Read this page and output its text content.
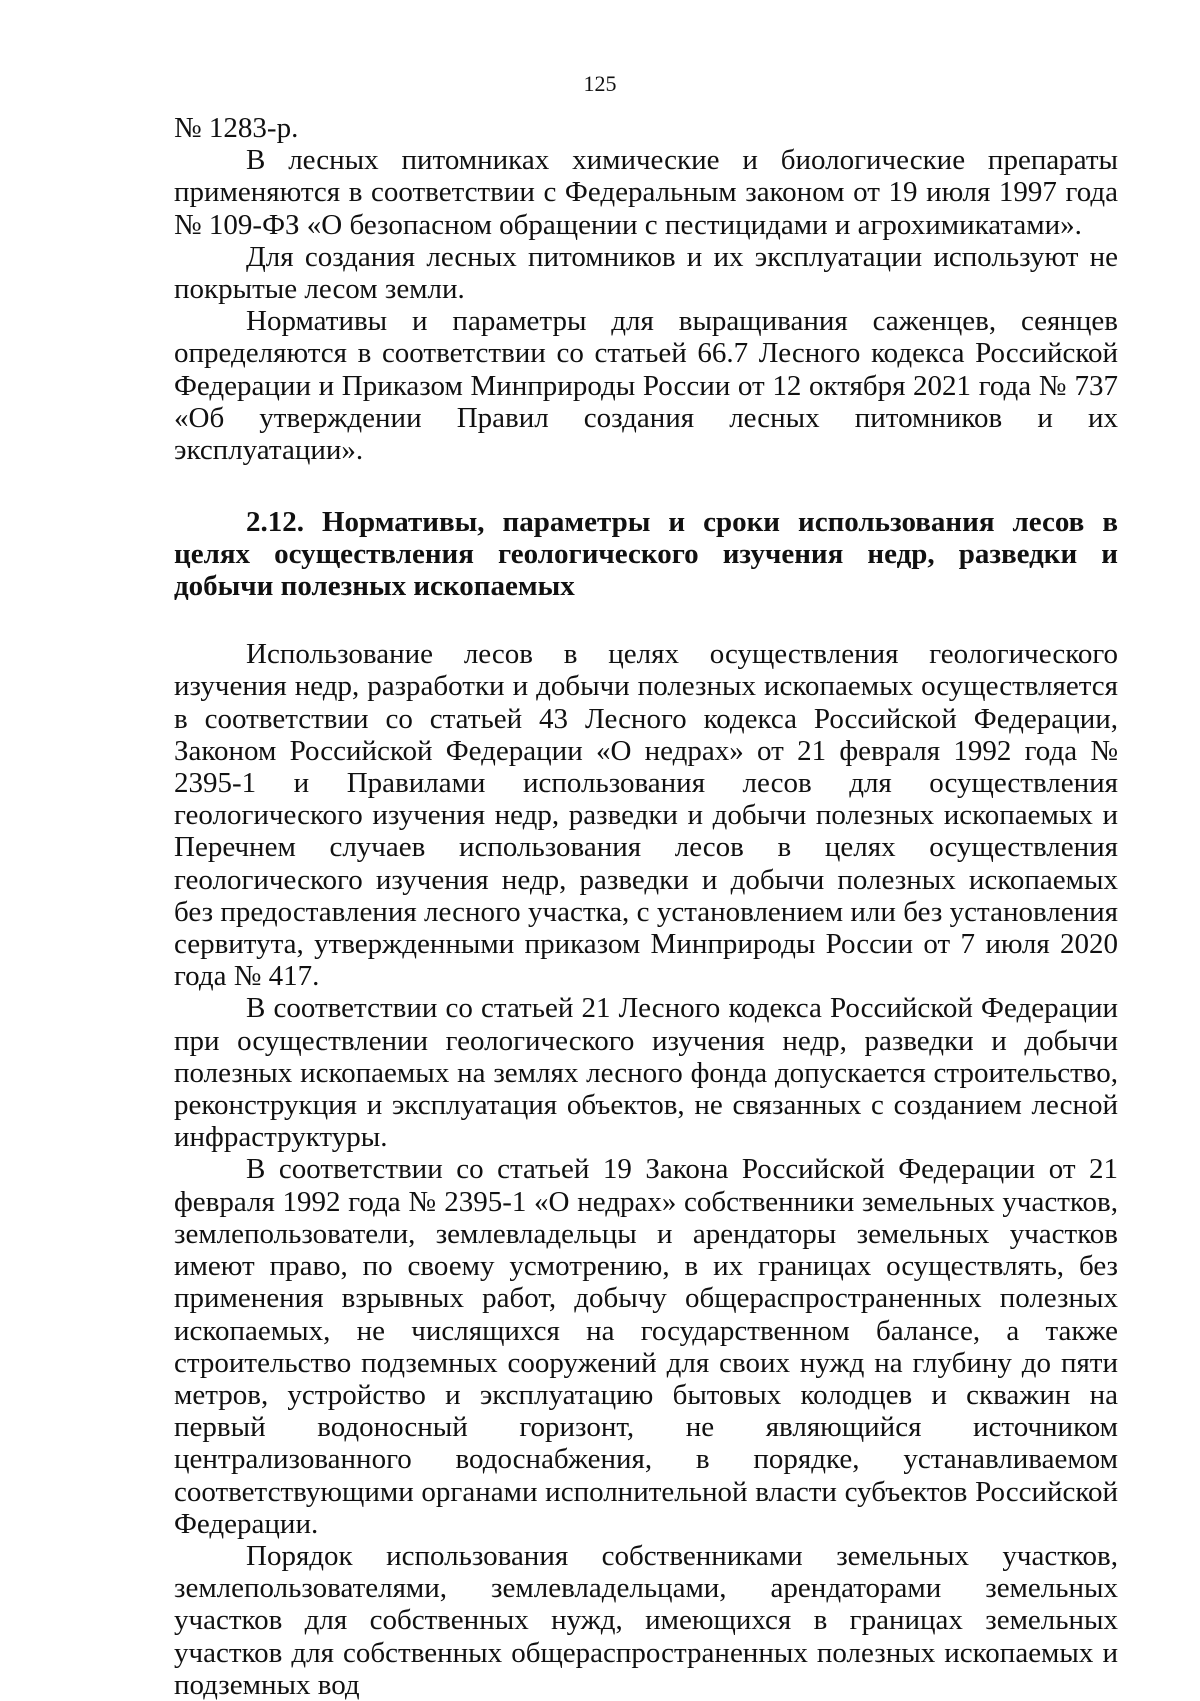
125

№ 1283-р.

В лесных питомниках химические и биологические препараты применяются в соответствии с Федеральным законом от 19 июля 1997 года № 109-ФЗ «О безопасном обращении с пестицидами и агрохимикатами».

Для создания лесных питомников и их эксплуатации используют не покрытые лесом земли.

Нормативы и параметры для выращивания саженцев, сеянцев определяются в соответствии со статьей 66.7 Лесного кодекса Российской Федерации и Приказом Минприроды России от 12 октября 2021 года № 737 «Об утверждении Правил создания лесных питомников и их эксплуатации».

2.12. Нормативы, параметры и сроки использования лесов в целях осуществления геологического изучения недр, разведки и добычи полезных ископаемых

Использование лесов в целях осуществления геологического изучения недр, разработки и добычи полезных ископаемых осуществляется в соответствии со статьей 43 Лесного кодекса Российской Федерации, Законом Российской Федерации «О недрах» от 21 февраля 1992 года № 2395-1 и Правилами использования лесов для осуществления геологического изучения недр, разведки и добычи полезных ископаемых и Перечнем случаев использования лесов в целях осуществления геологического изучения недр, разведки и добычи полезных ископаемых без предоставления лесного участка, с установлением или без установления сервитута, утвержденными приказом Минприроды России от 7 июля 2020 года № 417.

В соответствии со статьей 21 Лесного кодекса Российской Федерации при осуществлении геологического изучения недр, разведки и добычи полезных ископаемых на землях лесного фонда допускается строительство, реконструкция и эксплуатация объектов, не связанных с созданием лесной инфраструктуры.

В соответствии со статьей 19 Закона Российской Федерации от 21 февраля 1992 года № 2395-1 «О недрах» собственники земельных участков, землепользователи, землевладельцы и арендаторы земельных участков имеют право, по своему усмотрению, в их границах осуществлять, без применения взрывных работ, добычу общераспространенных полезных ископаемых, не числящихся на государственном балансе, а также строительство подземных сооружений для своих нужд на глубину до пяти метров, устройство и эксплуатацию бытовых колодцев и скважин на первый водоносный горизонт, не являющийся источником централизованного водоснабжения, в порядке, устанавливаемом соответствующими органами исполнительной власти субъектов Российской Федерации.

Порядок использования собственниками земельных участков, землепользователями, землевладельцами, арендаторами земельных участков для собственных нужд, имеющихся в границах земельных участков для собственных общераспространенных полезных ископаемых и подземных вод
